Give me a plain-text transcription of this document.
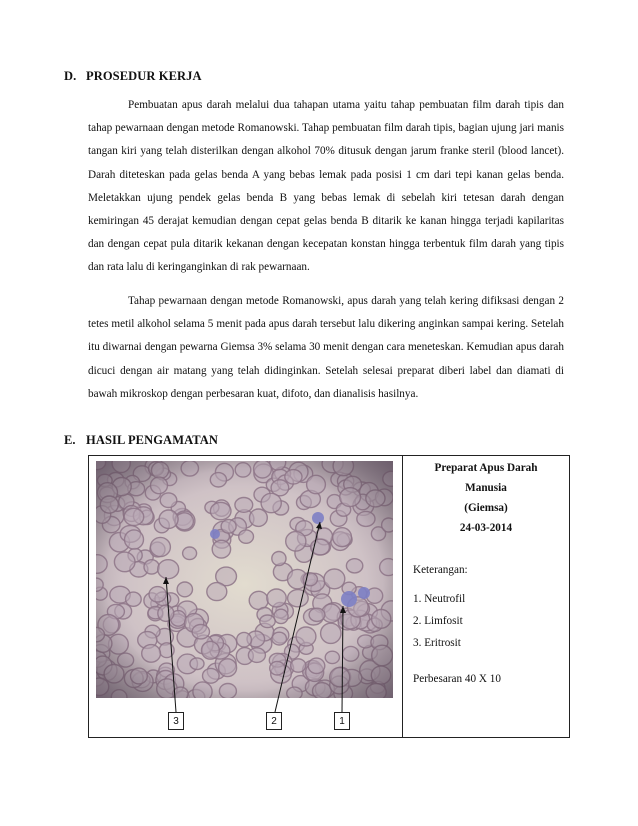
D. PROSEDUR KERJA

Pembuatan apus darah melalui dua tahapan utama yaitu tahap pembuatan film darah tipis dan tahap pewarnaan dengan metode Romanowski. Tahap pembuatan film darah tipis, bagian ujung jari manis tangan kiri yang telah disterilkan dengan alkohol 70% ditusuk dengan jarum franke steril (blood lancet). Darah diteteskan pada gelas benda A yang bebas lemak pada posisi 1 cm dari tepi kanan gelas benda. Meletakkan ujung pendek gelas benda B yang bebas lemak di sebelah kiri tetesan darah dengan kemiringan 45 derajat kemudian dengan cepat gelas benda B ditarik ke kanan hingga terjadi kapilaritas dan dengan cepat pula ditarik kekanan dengan kecepatan konstan hingga terbentuk film darah yang tipis dan rata lalu di keringanginkan di rak pewarnaan.

Tahap pewarnaan dengan metode Romanowski, apus darah yang telah kering difiksasi dengan 2 tetes metil alkohol selama 5 menit pada apus darah tersebut lalu dikering anginkan sampai kering. Setelah itu diwarnai dengan pewarna Giemsa 3% selama 30 menit dengan cara meneteskan. Kemudian apus darah dicuci dengan air matang yang telah didinginkan. Setelah selesai preparat diberi label dan diamati di bawah mikroskop dengan perbesaran kuat, difoto, dan dianalisis hasilnya.

E. HASIL PENGAMATAN
3	2	1
Preparat Apus Darah
Manusia
(Giemsa)
24-03-2014
Keterangan:
1. Neutrofil
2. Limfosit
3. Eritrosit
Perbesaran 40 X 10
